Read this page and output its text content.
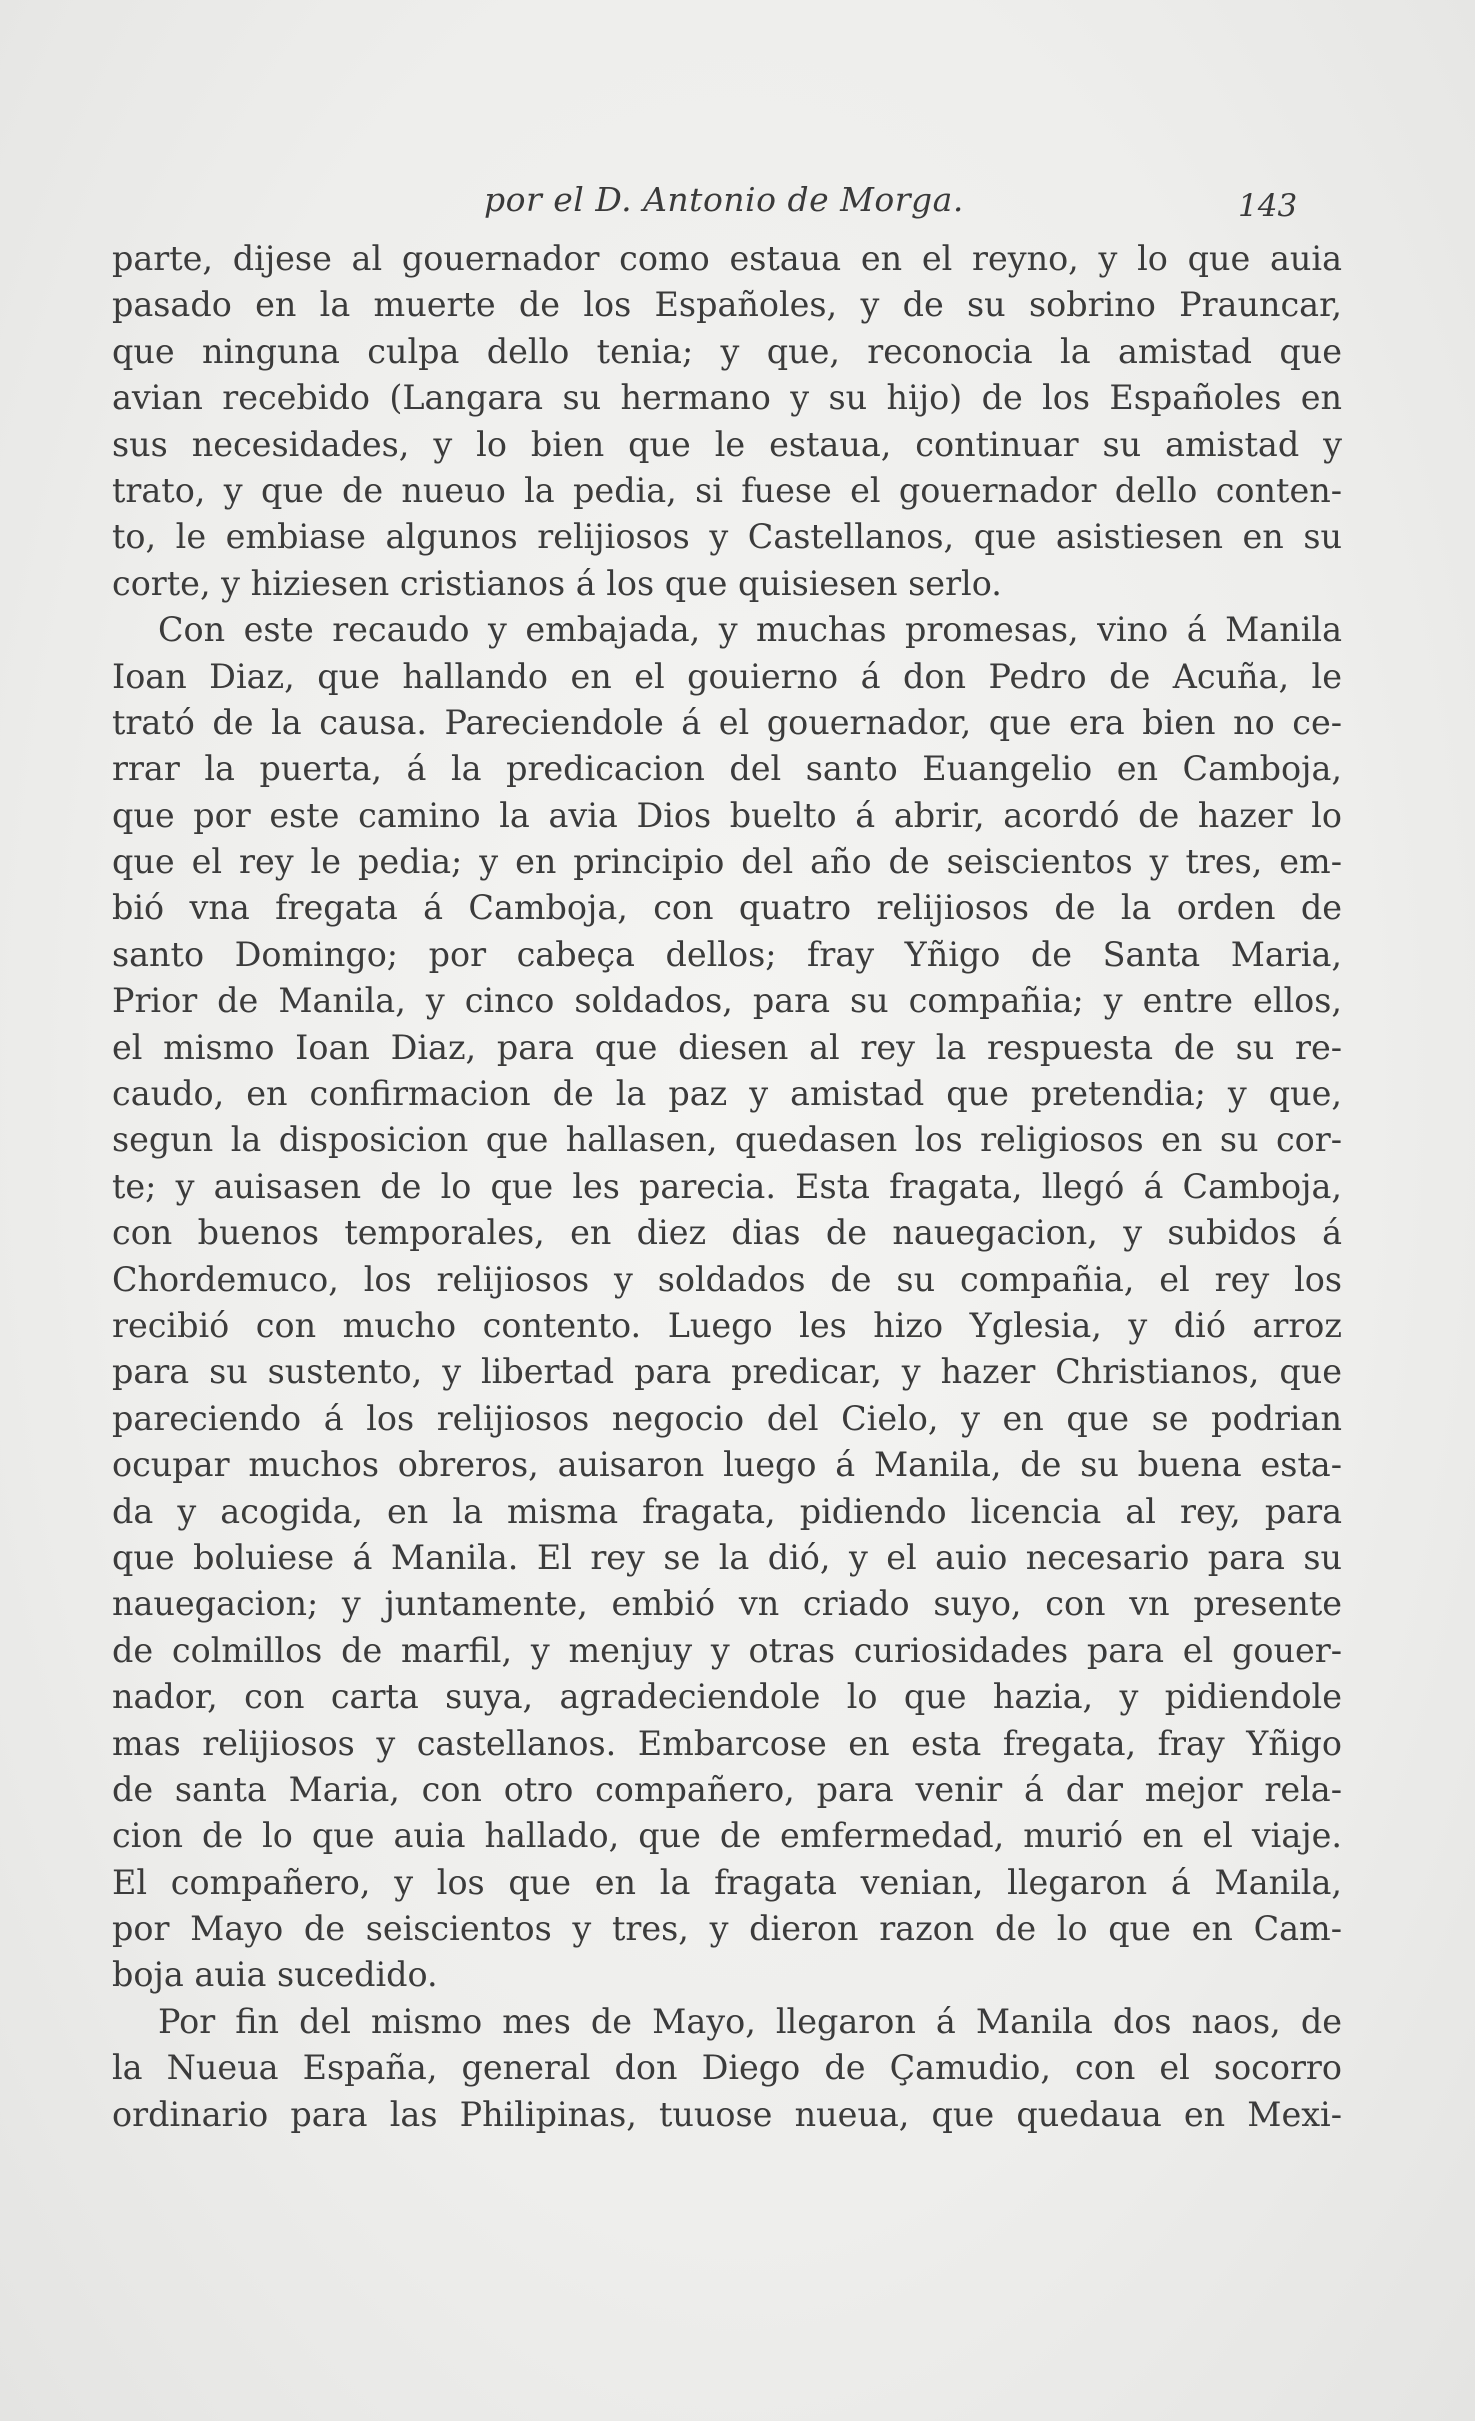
por el D. Antonio de Morga.	143
parte, dijese al gouernador como estaua en el reyno, y lo que auia
pasado en la muerte de los Españoles, y de su sobrino Prauncar,
que ninguna culpa dello tenia; y que, reconocia la amistad que
avian recebido (Langara su hermano y su hijo) de los Españoles en
sus necesidades, y lo bien que le estaua, continuar su amistad y
trato, y que de nueuo la pedia, si fuese el gouernador dello conten-
to, le embiase algunos relijiosos y Castellanos, que asistiesen en su
corte, y hiziesen cristianos á los que quisiesen serlo.
Con este recaudo y embajada, y muchas promesas, vino á Manila
Ioan Diaz, que hallando en el gouierno á don Pedro de Acuña, le
trató de la causa. Pareciendole á el gouernador, que era bien no ce-
rrar la puerta, á la predicacion del santo Euangelio en Camboja,
que por este camino la avia Dios buelto á abrir, acordó de hazer lo
que el rey le pedia; y en principio del año de seiscientos y tres, em-
bió vna fregata á Camboja, con quatro relijiosos de la orden de
santo Domingo; por cabeça dellos; fray Yñigo de Santa Maria,
Prior de Manila, y cinco soldados, para su compañia; y entre ellos,
el mismo Ioan Diaz, para que diesen al rey la respuesta de su re-
caudo, en confirmacion de la paz y amistad que pretendia; y que,
segun la disposicion que hallasen, quedasen los religiosos en su cor-
te; y auisasen de lo que les parecia. Esta fragata, llegó á Camboja,
con buenos temporales, en diez dias de nauegacion, y subidos á
Chordemuco, los relijiosos y soldados de su compañia, el rey los
recibió con mucho contento. Luego les hizo Yglesia, y dió arroz
para su sustento, y libertad para predicar, y hazer Christianos, que
pareciendo á los relijiosos negocio del Cielo, y en que se podrian
ocupar muchos obreros, auisaron luego á Manila, de su buena esta-
da y acogida, en la misma fragata, pidiendo licencia al rey, para
que boluiese á Manila. El rey se la dió, y el auio necesario para su
nauegacion; y juntamente, embió vn criado suyo, con vn presente
de colmillos de marfil, y menjuy y otras curiosidades para el gouer-
nador, con carta suya, agradeciendole lo que hazia, y pidiendole
mas relijiosos y castellanos. Embarcose en esta fregata, fray Yñigo
de santa Maria, con otro compañero, para venir á dar mejor rela-
cion de lo que auia hallado, que de emfermedad, murió en el viaje.
El compañero, y los que en la fragata venian, llegaron á Manila,
por Mayo de seiscientos y tres, y dieron razon de lo que en Cam-
boja auia sucedido.
Por fin del mismo mes de Mayo, llegaron á Manila dos naos, de
la Nueua España, general don Diego de Çamudio, con el socorro
ordinario para las Philipinas, tuuose nueua, que quedaua en Mexi-
